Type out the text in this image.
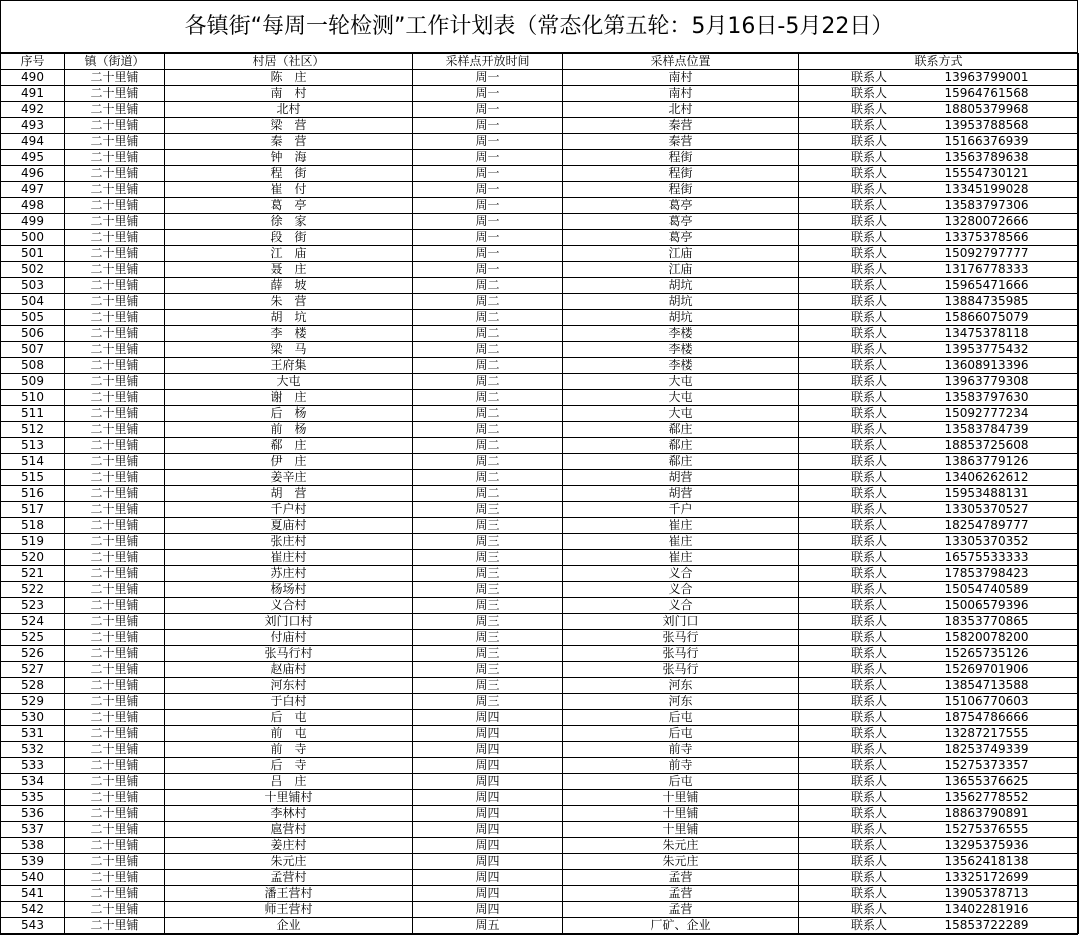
各镇街“每周一轮检测”工作计划表（常态化第五轮：5月16日-5月22日）
序号	镇（街道）	村居（社区）	采样点开放时间	采样点位置	联系方式	
490	二十里铺	陈　庄	周一	南村	联系人	13963799001
491	二十里铺	南　村	周一	南村	联系人	15964761568
492	二十里铺	北村	周一	北村	联系人	18805379968
493	二十里铺	梁　营	周一	秦营	联系人	13953788568
494	二十里铺	秦　营	周一	秦营	联系人	15166376939
495	二十里铺	钟　海	周一	程街	联系人	13563789638
496	二十里铺	程　街	周一	程街	联系人	15554730121
497	二十里铺	崔　付	周一	程街	联系人	13345199028
498	二十里铺	葛　亭	周一	葛亭	联系人	13583797306
499	二十里铺	徐　家	周一	葛亭	联系人	13280072666
500	二十里铺	段　街	周一	葛亭	联系人	13375378566
501	二十里铺	江　庙	周一	江庙	联系人	15092797777
502	二十里铺	聂　庄	周一	江庙	联系人	13176778333
503	二十里铺	薛　坡	周二	胡坑	联系人	15965471666
504	二十里铺	朱　营	周二	胡坑	联系人	13884735985
505	二十里铺	胡　坑	周二	胡坑	联系人	15866075079
506	二十里铺	李　楼	周二	李楼	联系人	13475378118
507	二十里铺	梁　马	周二	李楼	联系人	13953775432
508	二十里铺	王府集	周二	李楼	联系人	13608913396
509	二十里铺	大屯	周二	大屯	联系人	13963779308
510	二十里铺	谢　庄	周二	大屯	联系人	13583797630
511	二十里铺	后　杨	周二	大屯	联系人	15092777234
512	二十里铺	前　杨	周二	郗庄	联系人	13583784739
513	二十里铺	郗　庄	周二	郗庄	联系人	18853725608
514	二十里铺	伊　庄	周二	郗庄	联系人	13863779126
515	二十里铺	姜辛庄	周二	胡营	联系人	13406262612
516	二十里铺	胡　营	周二	胡营	联系人	15953488131
517	二十里铺	千户村	周三	千户	联系人	13305370527
518	二十里铺	夏庙村	周三	崔庄	联系人	18254789777
519	二十里铺	张庄村	周三	崔庄	联系人	13305370352
520	二十里铺	崔庄村	周三	崔庄	联系人	16575533333
521	二十里铺	苏庄村	周三	义合	联系人	17853798423
522	二十里铺	杨场村	周三	义合	联系人	15054740589
523	二十里铺	义合村	周三	义合	联系人	15006579396
524	二十里铺	刘门口村	周三	刘门口	联系人	18353770865
525	二十里铺	付庙村	周三	张马行	联系人	15820078200
526	二十里铺	张马行村	周三	张马行	联系人	15265735126
527	二十里铺	赵庙村	周三	张马行	联系人	15269701906
528	二十里铺	河东村	周三	河东	联系人	13854713588
529	二十里铺	于白村	周三	河东	联系人	15106770603
530	二十里铺	后　屯	周四	后屯	联系人	18754786666
531	二十里铺	前　屯	周四	后屯	联系人	13287217555
532	二十里铺	前　寺	周四	前寺	联系人	18253749339
533	二十里铺	后　寺	周四	前寺	联系人	15275373357
534	二十里铺	吕　庄	周四	后屯	联系人	13655376625
535	二十里铺	十里铺村	周四	十里铺	联系人	13562778552
536	二十里铺	李林村	周四	十里铺	联系人	18863790891
537	二十里铺	扈营村	周四	十里铺	联系人	15275376555
538	二十里铺	姜庄村	周四	朱元庄	联系人	13295375936
539	二十里铺	朱元庄	周四	朱元庄	联系人	13562418138
540	二十里铺	孟营村	周四	孟营	联系人	13325172699
541	二十里铺	潘王营村	周四	孟营	联系人	13905378713
542	二十里铺	师王营村	周四	孟营	联系人	13402281916
543	二十里铺	企业	周五	厂矿、企业	联系人	15853722289
